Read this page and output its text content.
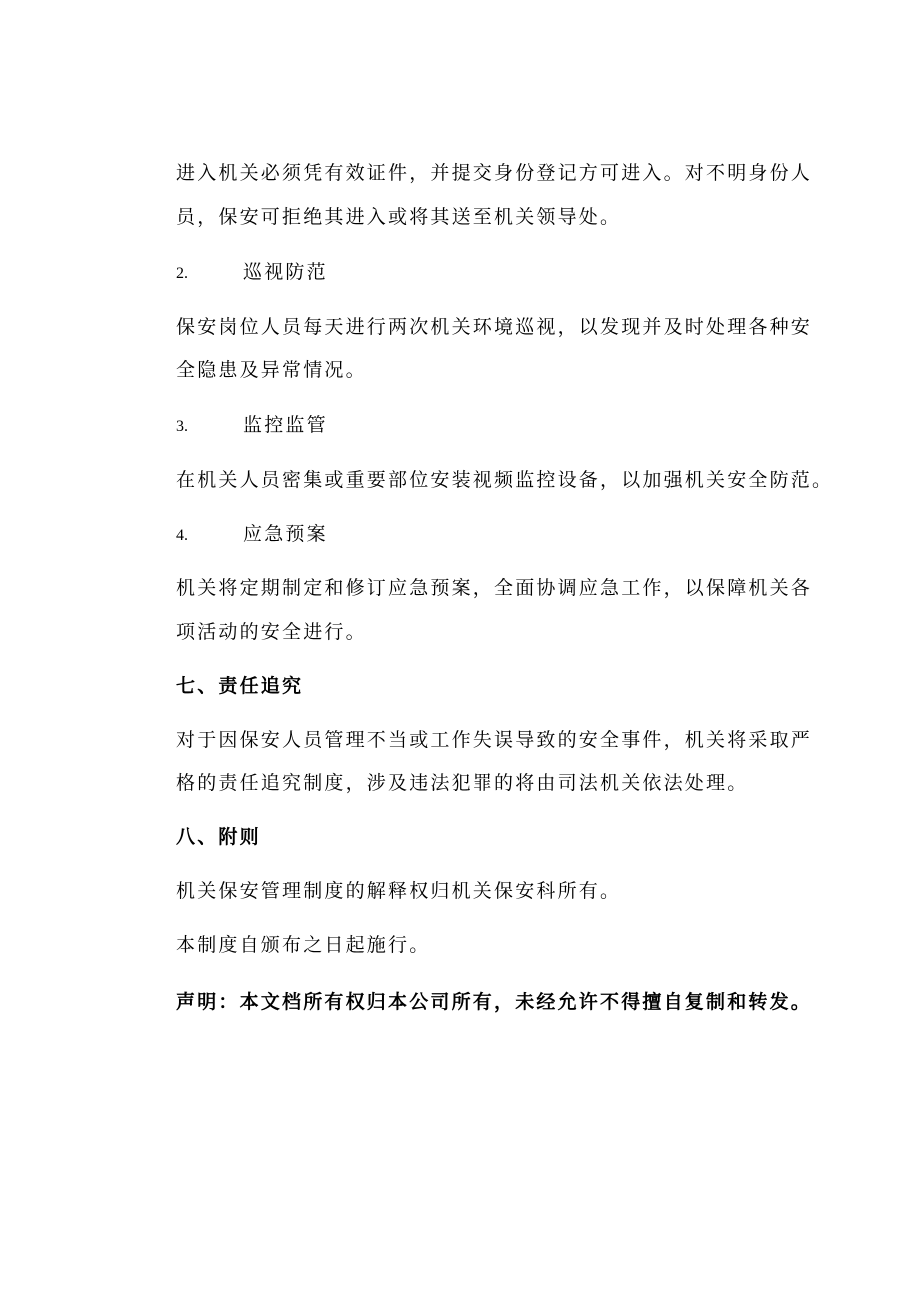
进入机关必须凭有效证件，并提交身份登记方可进入。对不明身份人
员，保安可拒绝其进入或将其送至机关领导处。
2.	巡视防范
保安岗位人员每天进行两次机关环境巡视，以发现并及时处理各种安
全隐患及异常情况。
3.	监控监管
在机关人员密集或重要部位安装视频监控设备，以加强机关安全防范。
4.	应急预案
机关将定期制定和修订应急预案，全面协调应急工作，以保障机关各
项活动的安全进行。
七、责任追究
对于因保安人员管理不当或工作失误导致的安全事件，机关将采取严
格的责任追究制度，涉及违法犯罪的将由司法机关依法处理。
八、附则
机关保安管理制度的解释权归机关保安科所有。
本制度自颁布之日起施行。
声明：本文档所有权归本公司所有，未经允许不得擅自复制和转发。
